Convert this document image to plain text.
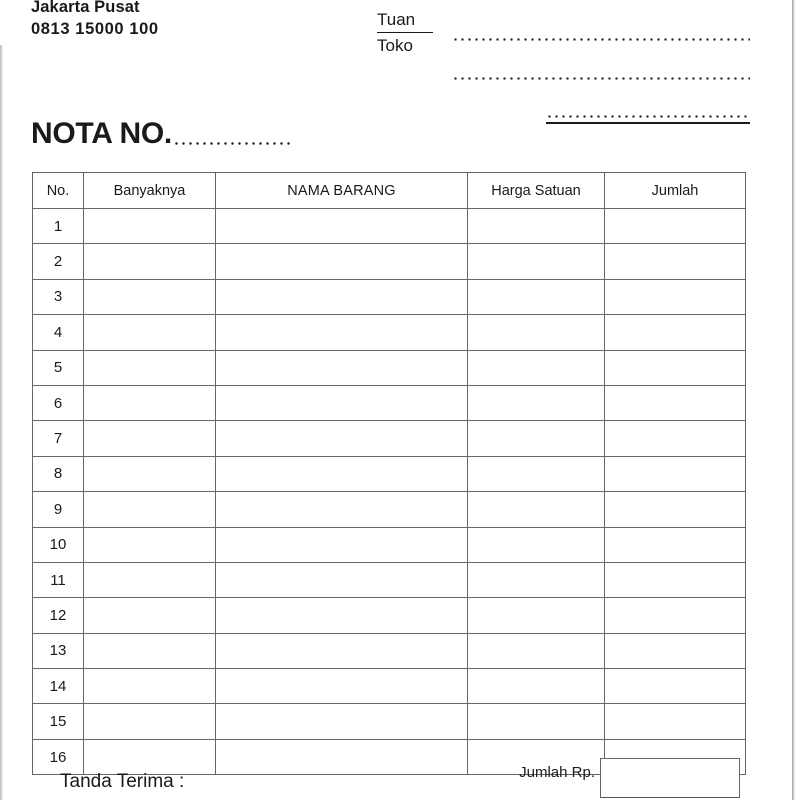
Jakarta Pusat
0813 15000 100	Tuan
Toko
NOTA NO.
No.	Banyaknya	NAMA BARANG	Harga Satuan	Jumlah
1				
2				
3				
4				
5				
6				
7				
8				
9				
10				
11				
12				
13				
14				
15				
16				
Tanda Terima :	Jumlah Rp.
